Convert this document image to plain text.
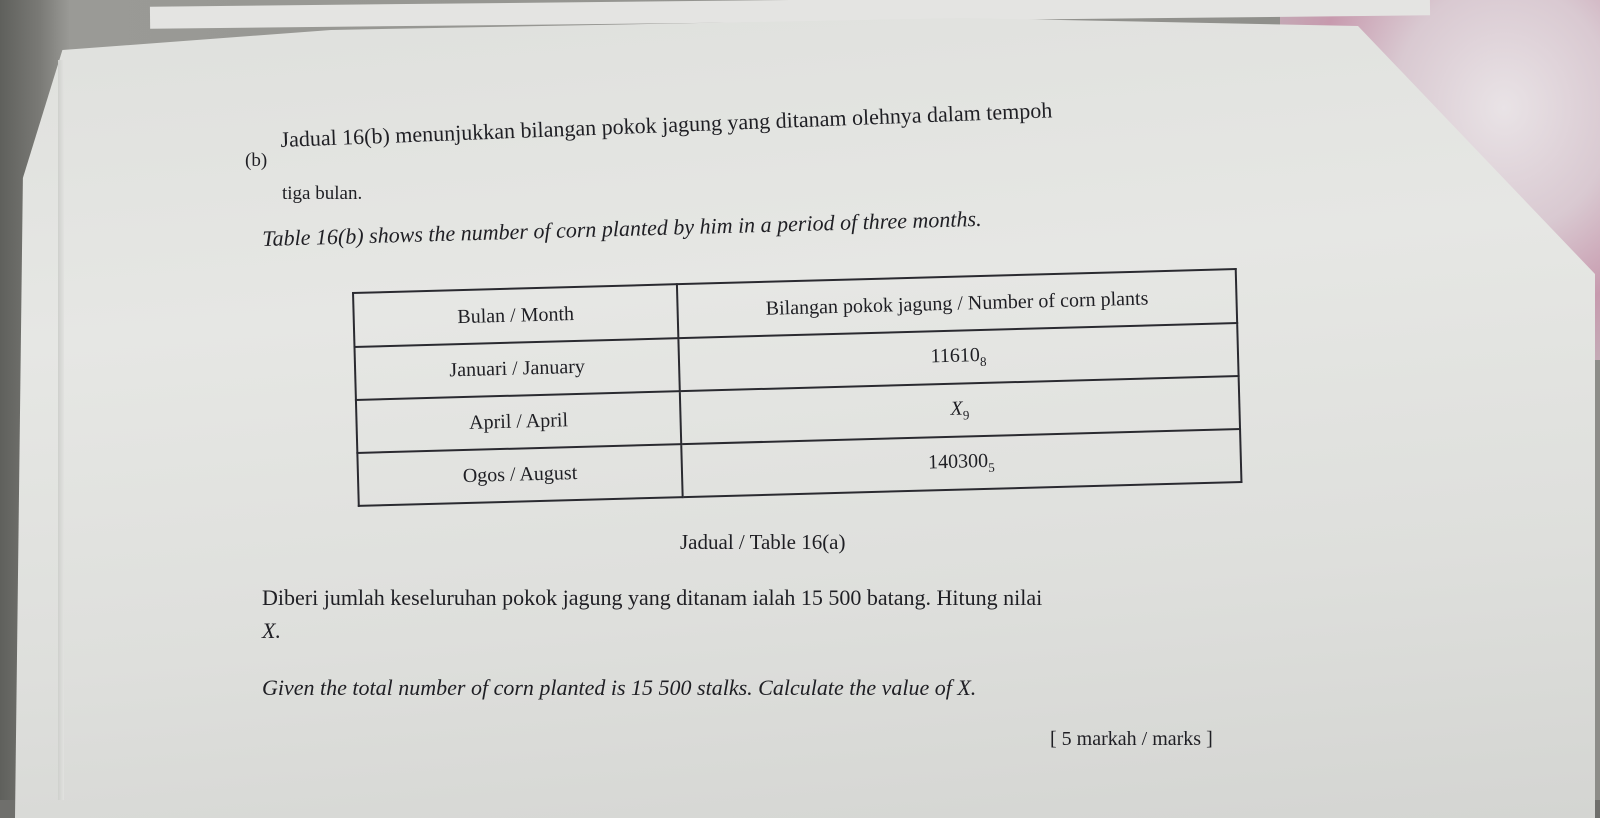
(b)
Jadual 16(b) menunjukkan bilangan pokok jagung yang ditanam olehnya dalam tempoh
tiga bulan.
Table 16(b) shows the number of corn planted by him in a period of three months.
Bulan / Month	Bilangan pokok jagung / Number of corn plants
Januari / January	$11610_8$
April / April	$X_9$
Ogos / August	$140300_5$
Jadual / Table 16(a)
Diberi jumlah keseluruhan pokok jagung yang ditanam ialah 15 500 batang. Hitung nilai
X.
Given the total number of corn planted is 15 500 stalks. Calculate the value of X.
[ 5 markah / marks ]
